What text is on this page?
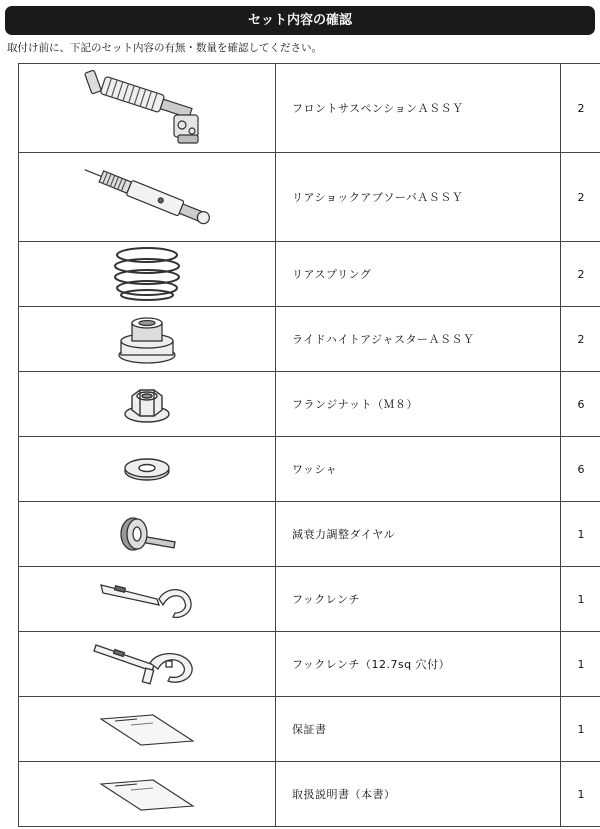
セット内容の確認
取付け前に、下記のセット内容の有無・数量を確認してください。
	フロントサスペンションＡＳＳＹ	2

	リアショックアブソーバＡＳＳＹ	2

	リアスプリング	2

	ライドハイトアジャスターＡＳＳＹ	2

	フランジナット（Ｍ８）	6

	ワッシャ	6

	減衰力調整ダイヤル	1

	フックレンチ	1

	フックレンチ（12.7sq 穴付）	1

	保証書	1

	取扱説明書（本書）	1
